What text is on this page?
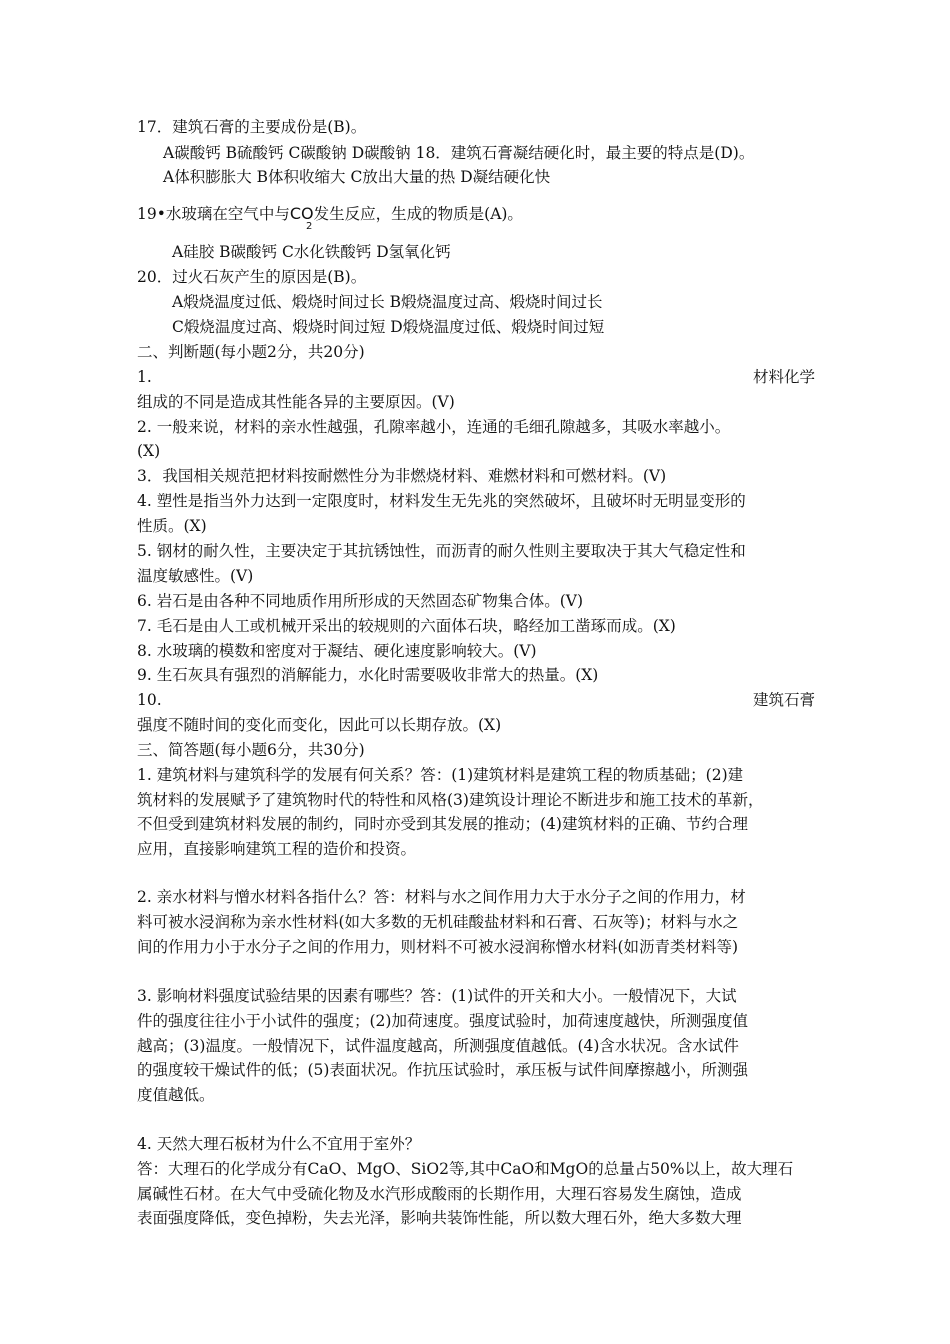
17．建筑石膏的主要成份是(B)。
A碳酸钙 B硫酸钙 C碳酸钠 D碳酸钠 18．建筑石膏凝结硬化时，最主要的特点是(D)。
A体积膨胀大 B体积收缩大 C放出大量的热 D凝结硬化快
19•水玻璃在空气中与CO发生反应，生成的物质是(A)。
2
A硅胶 B碳酸钙 C水化铁酸钙 D氢氧化钙
20．过火石灰产生的原因是(B)。
A煅烧温度过低、煅烧时间过长 B煅烧温度过高、煅烧时间过长
C煅烧温度过高、煅烧时间过短 D煅烧温度过低、煅烧时间过短
二、判断题(每小题2分，共20分)
1.	材料化学
组成的不同是造成其性能各异的主要原因。(V)
2. 一般来说，材料的亲水性越强，孔隙率越小，连通的毛细孔隙越多，其吸水率越小。
(X)
3．我国相关规范把材料按耐燃性分为非燃烧材料、难燃材料和可燃材料。(V)
4. 塑性是指当外力达到一定限度时，材料发生无先兆的突然破坏，且破坏时无明显变形的
性质。(X)
5. 钢材的耐久性，主要决定于其抗锈蚀性，而沥青的耐久性则主要取决于其大气稳定性和
温度敏感性。(V)
6. 岩石是由各种不同地质作用所形成的天然固态矿物集合体。(V)
7. 毛石是由人工或机械开采出的较规则的六面体石块，略经加工凿琢而成。(X)
8. 水玻璃的模数和密度对于凝结、硬化速度影响较大。(V)
9. 生石灰具有强烈的消解能力，水化时需要吸收非常大的热量。(X)
10.	建筑石膏
强度不随时间的变化而变化，因此可以长期存放。(X)
三、简答题(每小题6分，共30分)
1. 建筑材料与建筑科学的发展有何关系？答：(1)建筑材料是建筑工程的物质基础；(2)建
筑材料的发展赋予了建筑物时代的特性和风格(3)建筑设计理论不断进步和施工技术的革新，
不但受到建筑材料发展的制约，同时亦受到其发展的推动；(4)建筑材料的正确、节约合理
应用，直接影响建筑工程的造价和投资。
2. 亲水材料与憎水材料各指什么？答：材料与水之间作用力大于水分子之间的作用力，材
料可被水浸润称为亲水性材料(如大多数的无机硅酸盐材料和石膏、石灰等)；材料与水之
间的作用力小于水分子之间的作用力，则材料不可被水浸润称憎水材料(如沥青类材料等)
3. 影响材料强度试验结果的因素有哪些？答：(1)试件的开关和大小。一般情况下，大试
件的强度往往小于小试件的强度；(2)加荷速度。强度试验时，加荷速度越快，所测强度值
越高；(3)温度。一般情况下，试件温度越高，所测强度值越低。(4)含水状况。含水试件
的强度较干燥试件的低；(5)表面状况。作抗压试验时，承压板与试件间摩擦越小，所测强
度值越低。
4. 天然大理石板材为什么不宜用于室外？
答：大理石的化学成分有CaO、MgO、SiO2等,其中CaO和MgO的总量占50%以上，故大理石
属碱性石材。在大气中受硫化物及水汽形成酸雨的长期作用，大理石容易发生腐蚀，造成
表面强度降低，变色掉粉，失去光泽，影响共装饰性能，所以数大理石外，绝大多数大理
